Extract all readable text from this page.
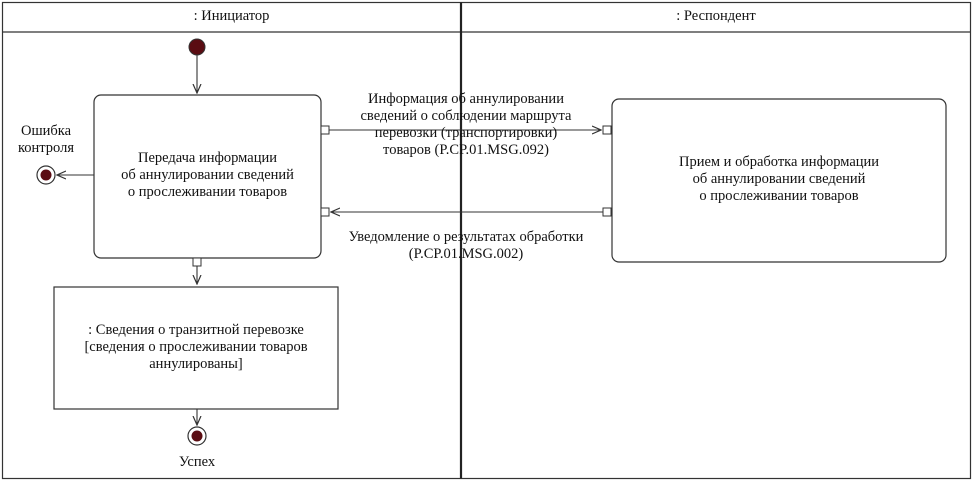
: Инициатор	: Респондент
Передача информации
об аннулировании сведений
о прослеживании товаров
Прием и обработка информации
об аннулировании сведений
о прослеживании товаров
Информация об аннулировании
сведений о соблюдении маршрута
перевозки (транспортировки)
товаров (P.CP.01.MSG.092)
Уведомление о результатах обработки
(P.CP.01.MSG.002)
: Сведения о транзитной перевозке
[сведения о прослеживании товаров
аннулированы]
Ошибка
контроля
Успех
